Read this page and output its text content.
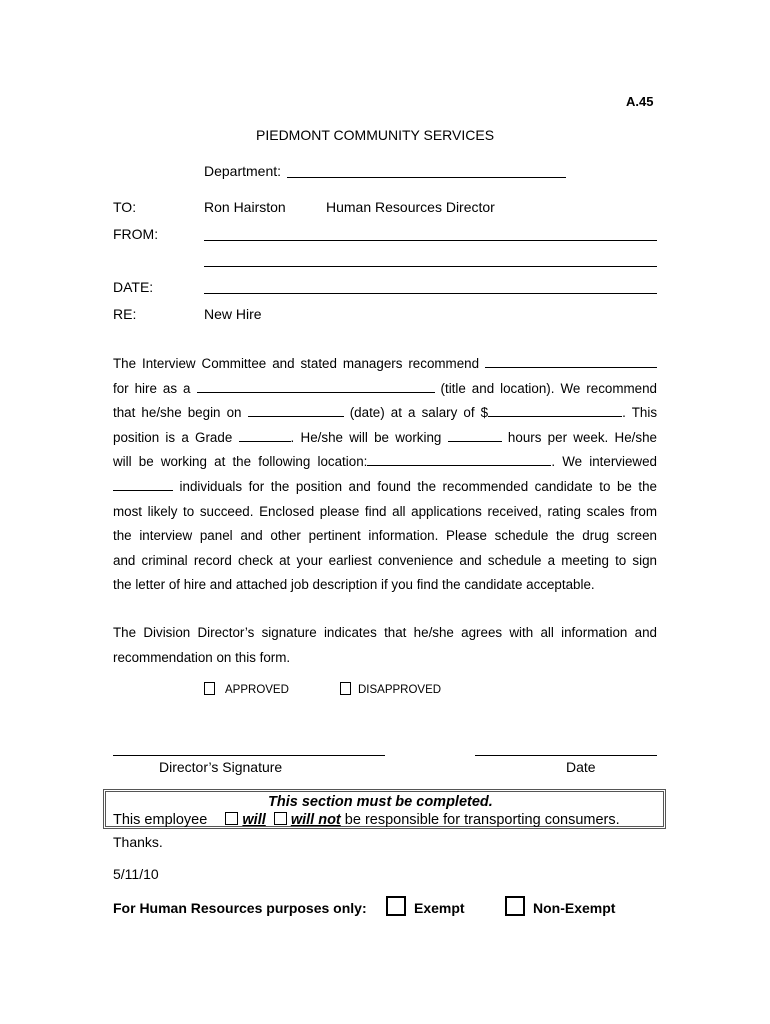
A.45
PIEDMONT COMMUNITY SERVICES
Department:
TO:	Ron Hairston	Human Resources Director
FROM:
DATE:
RE:	New Hire
The Interview Committee and stated managers recommend
for hire as a	(title and location). We recommend
that he/she begin on	(date) at a salary of $	. This
position is a Grade	. He/she will be working	hours per week. He/she
will be working at the following location:	. We interviewed
individuals for the position and found the recommended candidate to be the
most likely to succeed. Enclosed please find all applications received, rating scales from
the interview panel and other pertinent information. Please schedule the drug screen
and criminal record check at your earliest convenience and schedule a meeting to sign
the letter of hire and attached job description if you find the candidate acceptable.
The Division Director’s signature indicates that he/she agrees with all information and
recommendation on this form.
APPROVED	DISAPPROVED
Director’s Signature	Date
This section must be completed.
This employee will will not be responsible for transporting consumers.
Thanks.
5/11/10
For Human Resources purposes only:	Exempt	Non-Exempt
